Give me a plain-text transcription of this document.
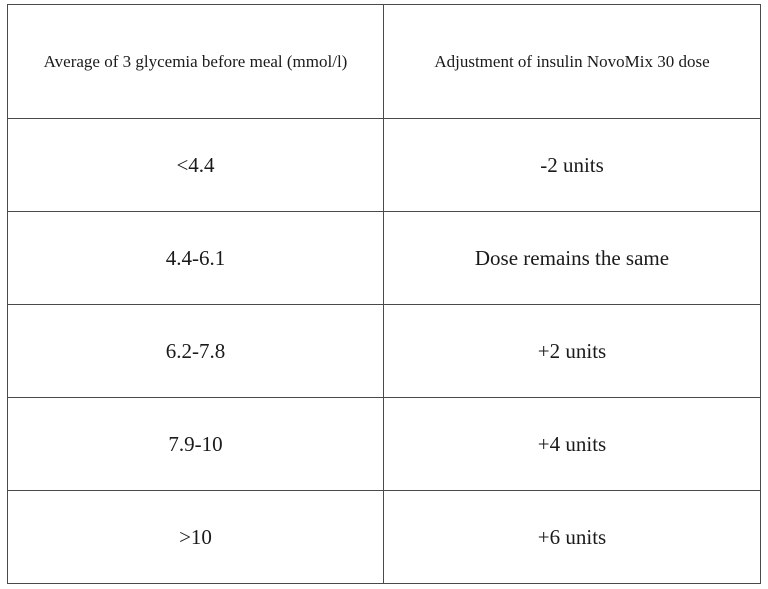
Average of 3 glycemia before meal (mmol/l)	Adjustment of insulin NovoMix 30 dose
<4.4	-2 units
4.4-6.1	Dose remains the same
6.2-7.8	+2 units
7.9-10	+4 units
>10	+6 units
